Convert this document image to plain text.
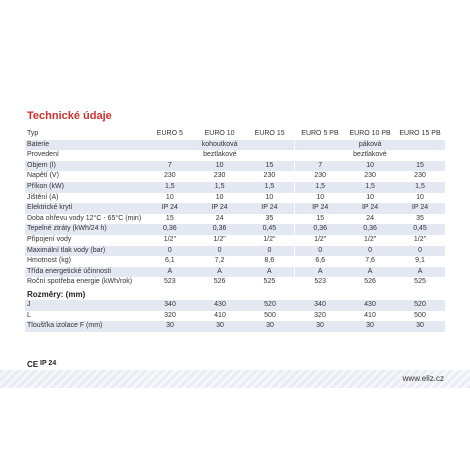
Technické údaje
Typ	EURO 5	EURO 10	EURO 15	EURO 5 PB	EURO 10 PB	EURO 15 PB
Baterie	kohoutková			páková		
Provedení	beztlakové			beztlakové		
Objem (l)	7	10	15	7	10	15
Napětí (V)	230	230	230	230	230	230
Příkon (kW)	1,5	1,5	1,5	1,5	1,5	1,5
Jištění (A)	10	10	10	10	10	10
Elektrické krytí	IP 24	IP 24	IP 24	IP 24	IP 24	IP 24
Doba ohřevu vody 12°C - 65°C (min)	15	24	35	15	24	35
Tepelné ztráty (kWh/24 h)	0,36	0,36	0,45	0,36	0,36	0,45
Připojení vody	1/2"	1/2"	1/2"	1/2"	1/2"	1/2"
Maximální tlak vody (bar)	0	0	0	0	0	0
Hmotnost (kg)	6,1	7,2	8,6	6,6	7,6	9,1
Třída energetické účinnosti	A	A	A	A	A	A
Roční spotřeba energie (kWh/rok)	523	526	525	523	526	525
Rozměry: (mm)
J	340	430	520	340	430	520
L	320	410	500	320	410	500
Tloušťka izolace F (mm)	30	30	30	30	30	30
CE IP 24
www.eliz.cz
